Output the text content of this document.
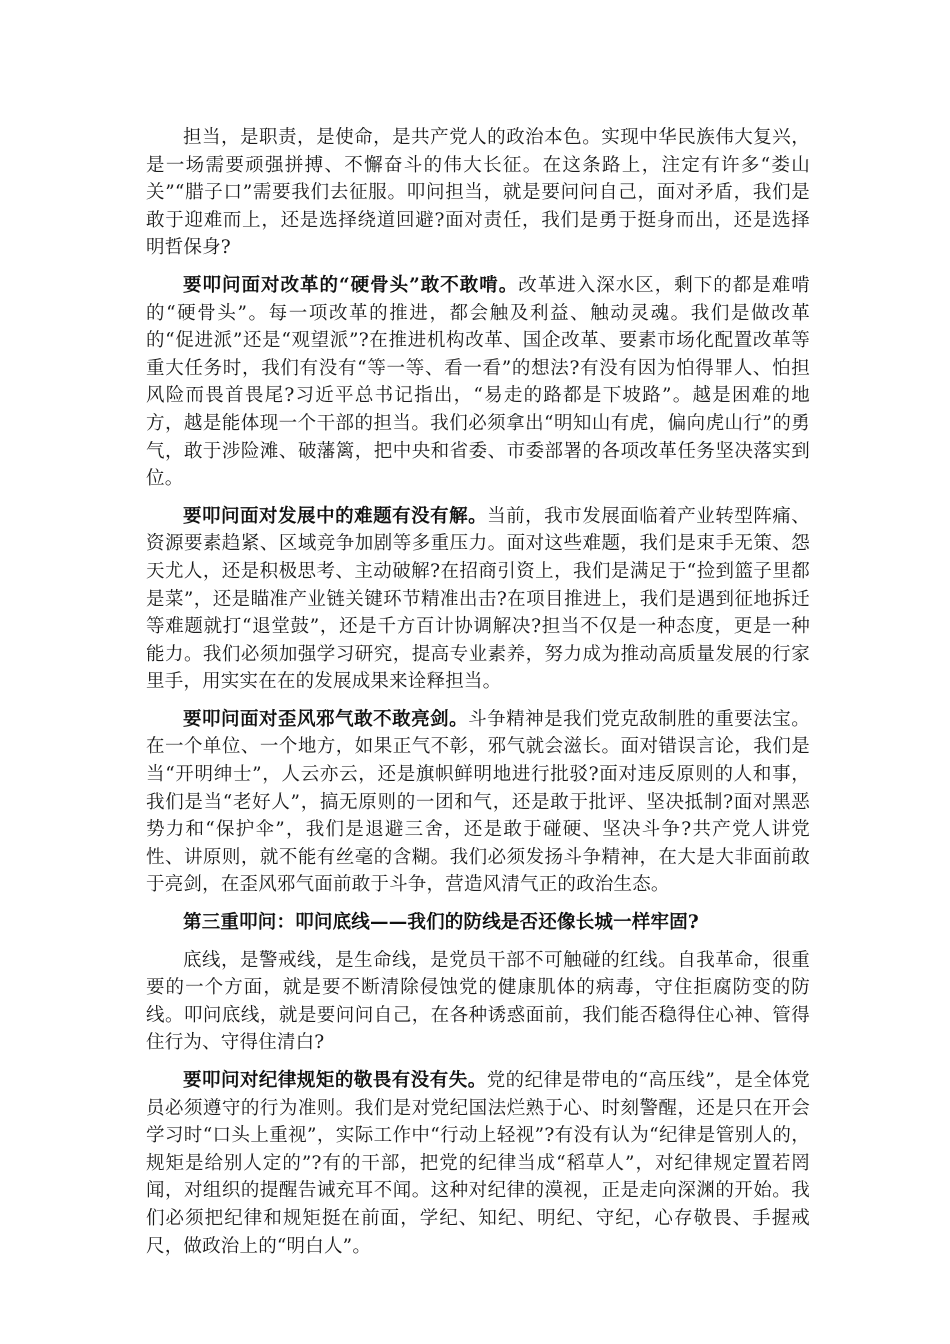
担当，是职责，是使命，是共产党人的政治本色。实现中华民族伟大复兴，是一场需要顽强拼搏、不懈奋斗的伟大长征。在这条路上，注定有许多“娄山关”“腊子口”需要我们去征服。叩问担当，就是要问问自己，面对矛盾，我们是敢于迎难而上，还是选择绕道回避?面对责任，我们是勇于挺身而出，还是选择明哲保身?

要叩问面对改革的“硬骨头”敢不敢啃。改革进入深水区，剩下的都是难啃的“硬骨头”。每一项改革的推进，都会触及利益、触动灵魂。我们是做改革的“促进派”还是“观望派”?在推进机构改革、国企改革、要素市场化配置改革等重大任务时，我们有没有“等一等、看一看”的想法?有没有因为怕得罪人、怕担风险而畏首畏尾?习近平总书记指出，“易走的路都是下坡路”。越是困难的地方，越是能体现一个干部的担当。我们必须拿出“明知山有虎，偏向虎山行”的勇气，敢于涉险滩、破藩篱，把中央和省委、市委部署的各项改革任务坚决落实到位。

要叩问面对发展中的难题有没有解。当前，我市发展面临着产业转型阵痛、资源要素趋紧、区域竞争加剧等多重压力。面对这些难题，我们是束手无策、怨天尤人，还是积极思考、主动破解?在招商引资上，我们是满足于“捡到篮子里都是菜”，还是瞄准产业链关键环节精准出击?在项目推进上，我们是遇到征地拆迁等难题就打“退堂鼓”，还是千方百计协调解决?担当不仅是一种态度，更是一种能力。我们必须加强学习研究，提高专业素养，努力成为推动高质量发展的行家里手，用实实在在的发展成果来诠释担当。

要叩问面对歪风邪气敢不敢亮剑。斗争精神是我们党克敌制胜的重要法宝。在一个单位、一个地方，如果正气不彰，邪气就会滋长。面对错误言论，我们是当“开明绅士”，人云亦云，还是旗帜鲜明地进行批驳?面对违反原则的人和事，我们是当“老好人”，搞无原则的一团和气，还是敢于批评、坚决抵制?面对黑恶势力和“保护伞”，我们是退避三舍，还是敢于碰硬、坚决斗争?共产党人讲党性、讲原则，就不能有丝毫的含糊。我们必须发扬斗争精神，在大是大非面前敢于亮剑，在歪风邪气面前敢于斗争，营造风清气正的政治生态。

第三重叩问：叩问底线——我们的防线是否还像长城一样牢固?

底线，是警戒线，是生命线，是党员干部不可触碰的红线。自我革命，很重要的一个方面，就是要不断清除侵蚀党的健康肌体的病毒，守住拒腐防变的防线。叩问底线，就是要问问自己，在各种诱惑面前，我们能否稳得住心神、管得住行为、守得住清白?

要叩问对纪律规矩的敬畏有没有失。党的纪律是带电的“高压线”，是全体党员必须遵守的行为准则。我们是对党纪国法烂熟于心、时刻警醒，还是只在开会学习时“口头上重视”，实际工作中“行动上轻视”?有没有认为“纪律是管别人的，规矩是给别人定的”?有的干部，把党的纪律当成“稻草人”，对纪律规定置若罔闻，对组织的提醒告诫充耳不闻。这种对纪律的漠视，正是走向深渊的开始。我们必须把纪律和规矩挺在前面，学纪、知纪、明纪、守纪，心存敬畏、手握戒尺，做政治上的“明白人”。
